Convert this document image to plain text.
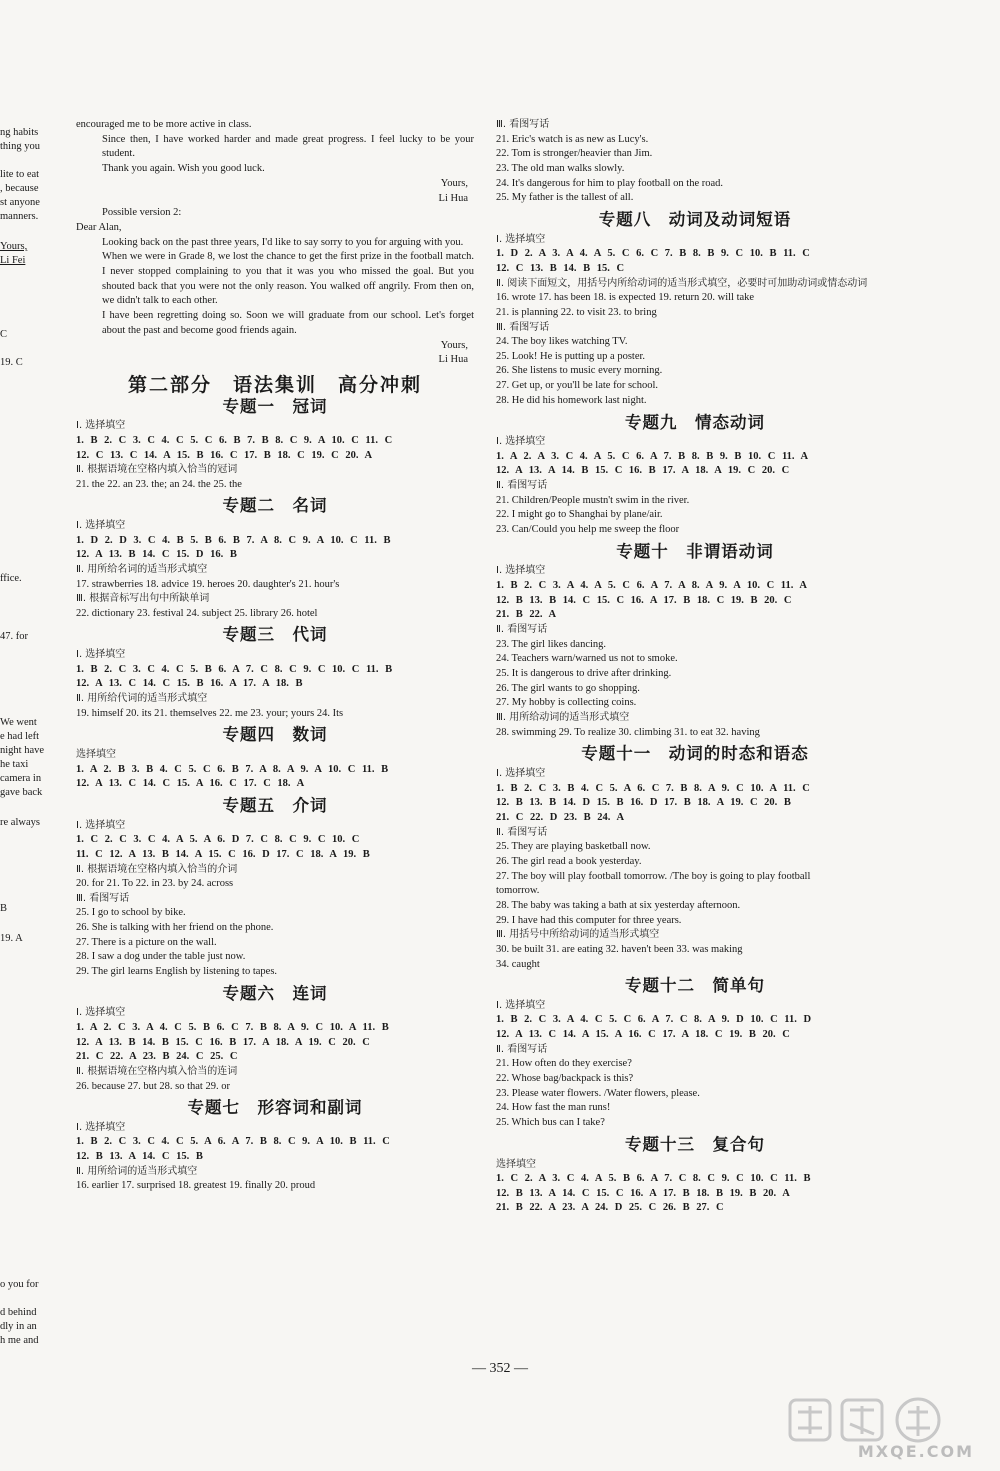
ng habits
thing you
lite to eat
, because
st anyone
manners.
Yours,
Li Fei
C
19. C
ffice.
47. for
We went
e had left
night have
he taxi
camera in
gave back
re always
B
19. A
o you for
d behind
dly in an
h me and
encouraged me to be more active in class.
Since then, I have worked harder and made great progress. I feel lucky to be your student.
Thank you again. Wish you good luck.
Yours,
Li Hua
Possible version 2:
Dear Alan,
Looking back on the past three years, I'd like to say sorry to you for arguing with you.
When we were in Grade 8, we lost the chance to get the first prize in the football match. I never stopped complaining to you that it was you who missed the goal. But you shouted back that you were not the only reason. You walked off angrily. From then on, we didn't talk to each other.
I have been regretting doing so. Soon we will graduate from our school. Let's forget about the past and become good friends again.
Yours,
Li Hua
第二部分　语法集训　高分冲刺
专题一　冠词
Ⅰ. 选择填空
1. B 2. C 3. C 4. C 5. C 6. B 7. B 8. C 9. A 10. C 11. C
12. C 13. C 14. A 15. B 16. C 17. B 18. C 19. C 20. A
Ⅱ. 根据语境在空格内填入恰当的冠词
21. the 22. an 23. the; an 24. the 25. the
专题二　名词
Ⅰ. 选择填空
1. D 2. D 3. C 4. B 5. B 6. B 7. A 8. C 9. A 10. C 11. B
12. A 13. B 14. C 15. D 16. B
Ⅱ. 用所给名词的适当形式填空
17. strawberries 18. advice 19. heroes 20. daughter's 21. hour's
Ⅲ. 根据音标写出句中所缺单词
22. dictionary 23. festival 24. subject 25. library 26. hotel
专题三　代词
Ⅰ. 选择填空
1. B 2. C 3. C 4. C 5. B 6. A 7. C 8. C 9. C 10. C 11. B
12. A 13. C 14. C 15. B 16. A 17. A 18. B
Ⅱ. 用所给代词的适当形式填空
19. himself 20. its 21. themselves 22. me 23. your; yours 24. Its
专题四　数词
选择填空
1. A 2. B 3. B 4. C 5. C 6. B 7. A 8. A 9. A 10. C 11. B
12. A 13. C 14. C 15. A 16. C 17. C 18. A
专题五　介词
Ⅰ. 选择填空
1. C 2. C 3. C 4. A 5. A 6. D 7. C 8. C 9. C 10. C
11. C 12. A 13. B 14. A 15. C 16. D 17. C 18. A 19. B
Ⅱ. 根据语境在空格内填入恰当的介词
20. for 21. To 22. in 23. by 24. across
Ⅲ. 看图写话
25. I go to school by bike.
26. She is talking with her friend on the phone.
27. There is a picture on the wall.
28. I saw a dog under the table just now.
29. The girl learns English by listening to tapes.
专题六　连词
Ⅰ. 选择填空
1. A 2. C 3. A 4. C 5. B 6. C 7. B 8. A 9. C 10. A 11. B
12. A 13. B 14. B 15. C 16. B 17. A 18. A 19. C 20. C
21. C 22. A 23. B 24. C 25. C
Ⅱ. 根据语境在空格内填入恰当的连词
26. because 27. but 28. so that 29. or
专题七　形容词和副词
Ⅰ. 选择填空
1. B 2. C 3. C 4. C 5. A 6. A 7. B 8. C 9. A 10. B 11. C
12. B 13. A 14. C 15. B
Ⅱ. 用所给词的适当形式填空
16. earlier 17. surprised 18. greatest 19. finally 20. proud
Ⅲ. 看图写话
21. Eric's watch is as new as Lucy's.
22. Tom is stronger/heavier than Jim.
23. The old man walks slowly.
24. It's dangerous for him to play football on the road.
25. My father is the tallest of all.
专题八　动词及动词短语
Ⅰ. 选择填空
1. D 2. A 3. A 4. A 5. C 6. C 7. B 8. B 9. C 10. B 11. C
12. C 13. B 14. B 15. C
Ⅱ. 阅读下面短文，用括号内所给动词的适当形式填空，必要时可加助动词或情态动词
16. wrote 17. has been 18. is expected 19. return 20. will take
21. is planning 22. to visit 23. to bring
Ⅲ. 看图写话
24. The boy likes watching TV.
25. Look! He is putting up a poster.
26. She listens to music every morning.
27. Get up, or you'll be late for school.
28. He did his homework last night.
专题九　情态动词
Ⅰ. 选择填空
1. A 2. A 3. C 4. A 5. C 6. A 7. B 8. B 9. B 10. C 11. A
12. A 13. A 14. B 15. C 16. B 17. A 18. A 19. C 20. C
Ⅱ. 看图写话
21. Children/People mustn't swim in the river.
22. I might go to Shanghai by plane/air.
23. Can/Could you help me sweep the floor
专题十　非谓语动词
Ⅰ. 选择填空
1. B 2. C 3. A 4. A 5. C 6. A 7. A 8. A 9. A 10. C 11. A
12. B 13. B 14. C 15. C 16. A 17. B 18. C 19. B 20. C
21. B 22. A
Ⅱ. 看图写话
23. The girl likes dancing.
24. Teachers warn/warned us not to smoke.
25. It is dangerous to drive after drinking.
26. The girl wants to go shopping.
27. My hobby is collecting coins.
Ⅲ. 用所给动词的适当形式填空
28. swimming 29. To realize 30. climbing 31. to eat 32. having
专题十一　动词的时态和语态
Ⅰ. 选择填空
1. B 2. C 3. B 4. C 5. A 6. C 7. B 8. A 9. C 10. A 11. C
12. B 13. B 14. D 15. B 16. D 17. B 18. A 19. C 20. B
21. C 22. D 23. B 24. A
Ⅱ. 看图写话
25. They are playing basketball now.
26. The girl read a book yesterday.
27. The boy will play football tomorrow. /The boy is going to play football
tomorrow.
28. The baby was taking a bath at six yesterday afternoon.
29. I have had this computer for three years.
Ⅲ. 用括号中所给动词的适当形式填空
30. be built 31. are eating 32. haven't been 33. was making
34. caught
专题十二　简单句
Ⅰ. 选择填空
1. B 2. C 3. A 4. C 5. C 6. A 7. C 8. A 9. D 10. C 11. D
12. A 13. C 14. A 15. A 16. C 17. A 18. C 19. B 20. C
Ⅱ. 看图写话
21. How often do they exercise?
22. Whose bag/backpack is this?
23. Please water flowers. /Water flowers, please.
24. How fast the man runs!
25. Which bus can I take?
专题十三　复合句
选择填空
1. C 2. A 3. C 4. A 5. B 6. A 7. C 8. C 9. C 10. C 11. B
12. B 13. A 14. C 15. C 16. A 17. B 18. B 19. B 20. A
21. B 22. A 23. A 24. D 25. C 26. B 27. C
— 352 —
MXQE.COM
